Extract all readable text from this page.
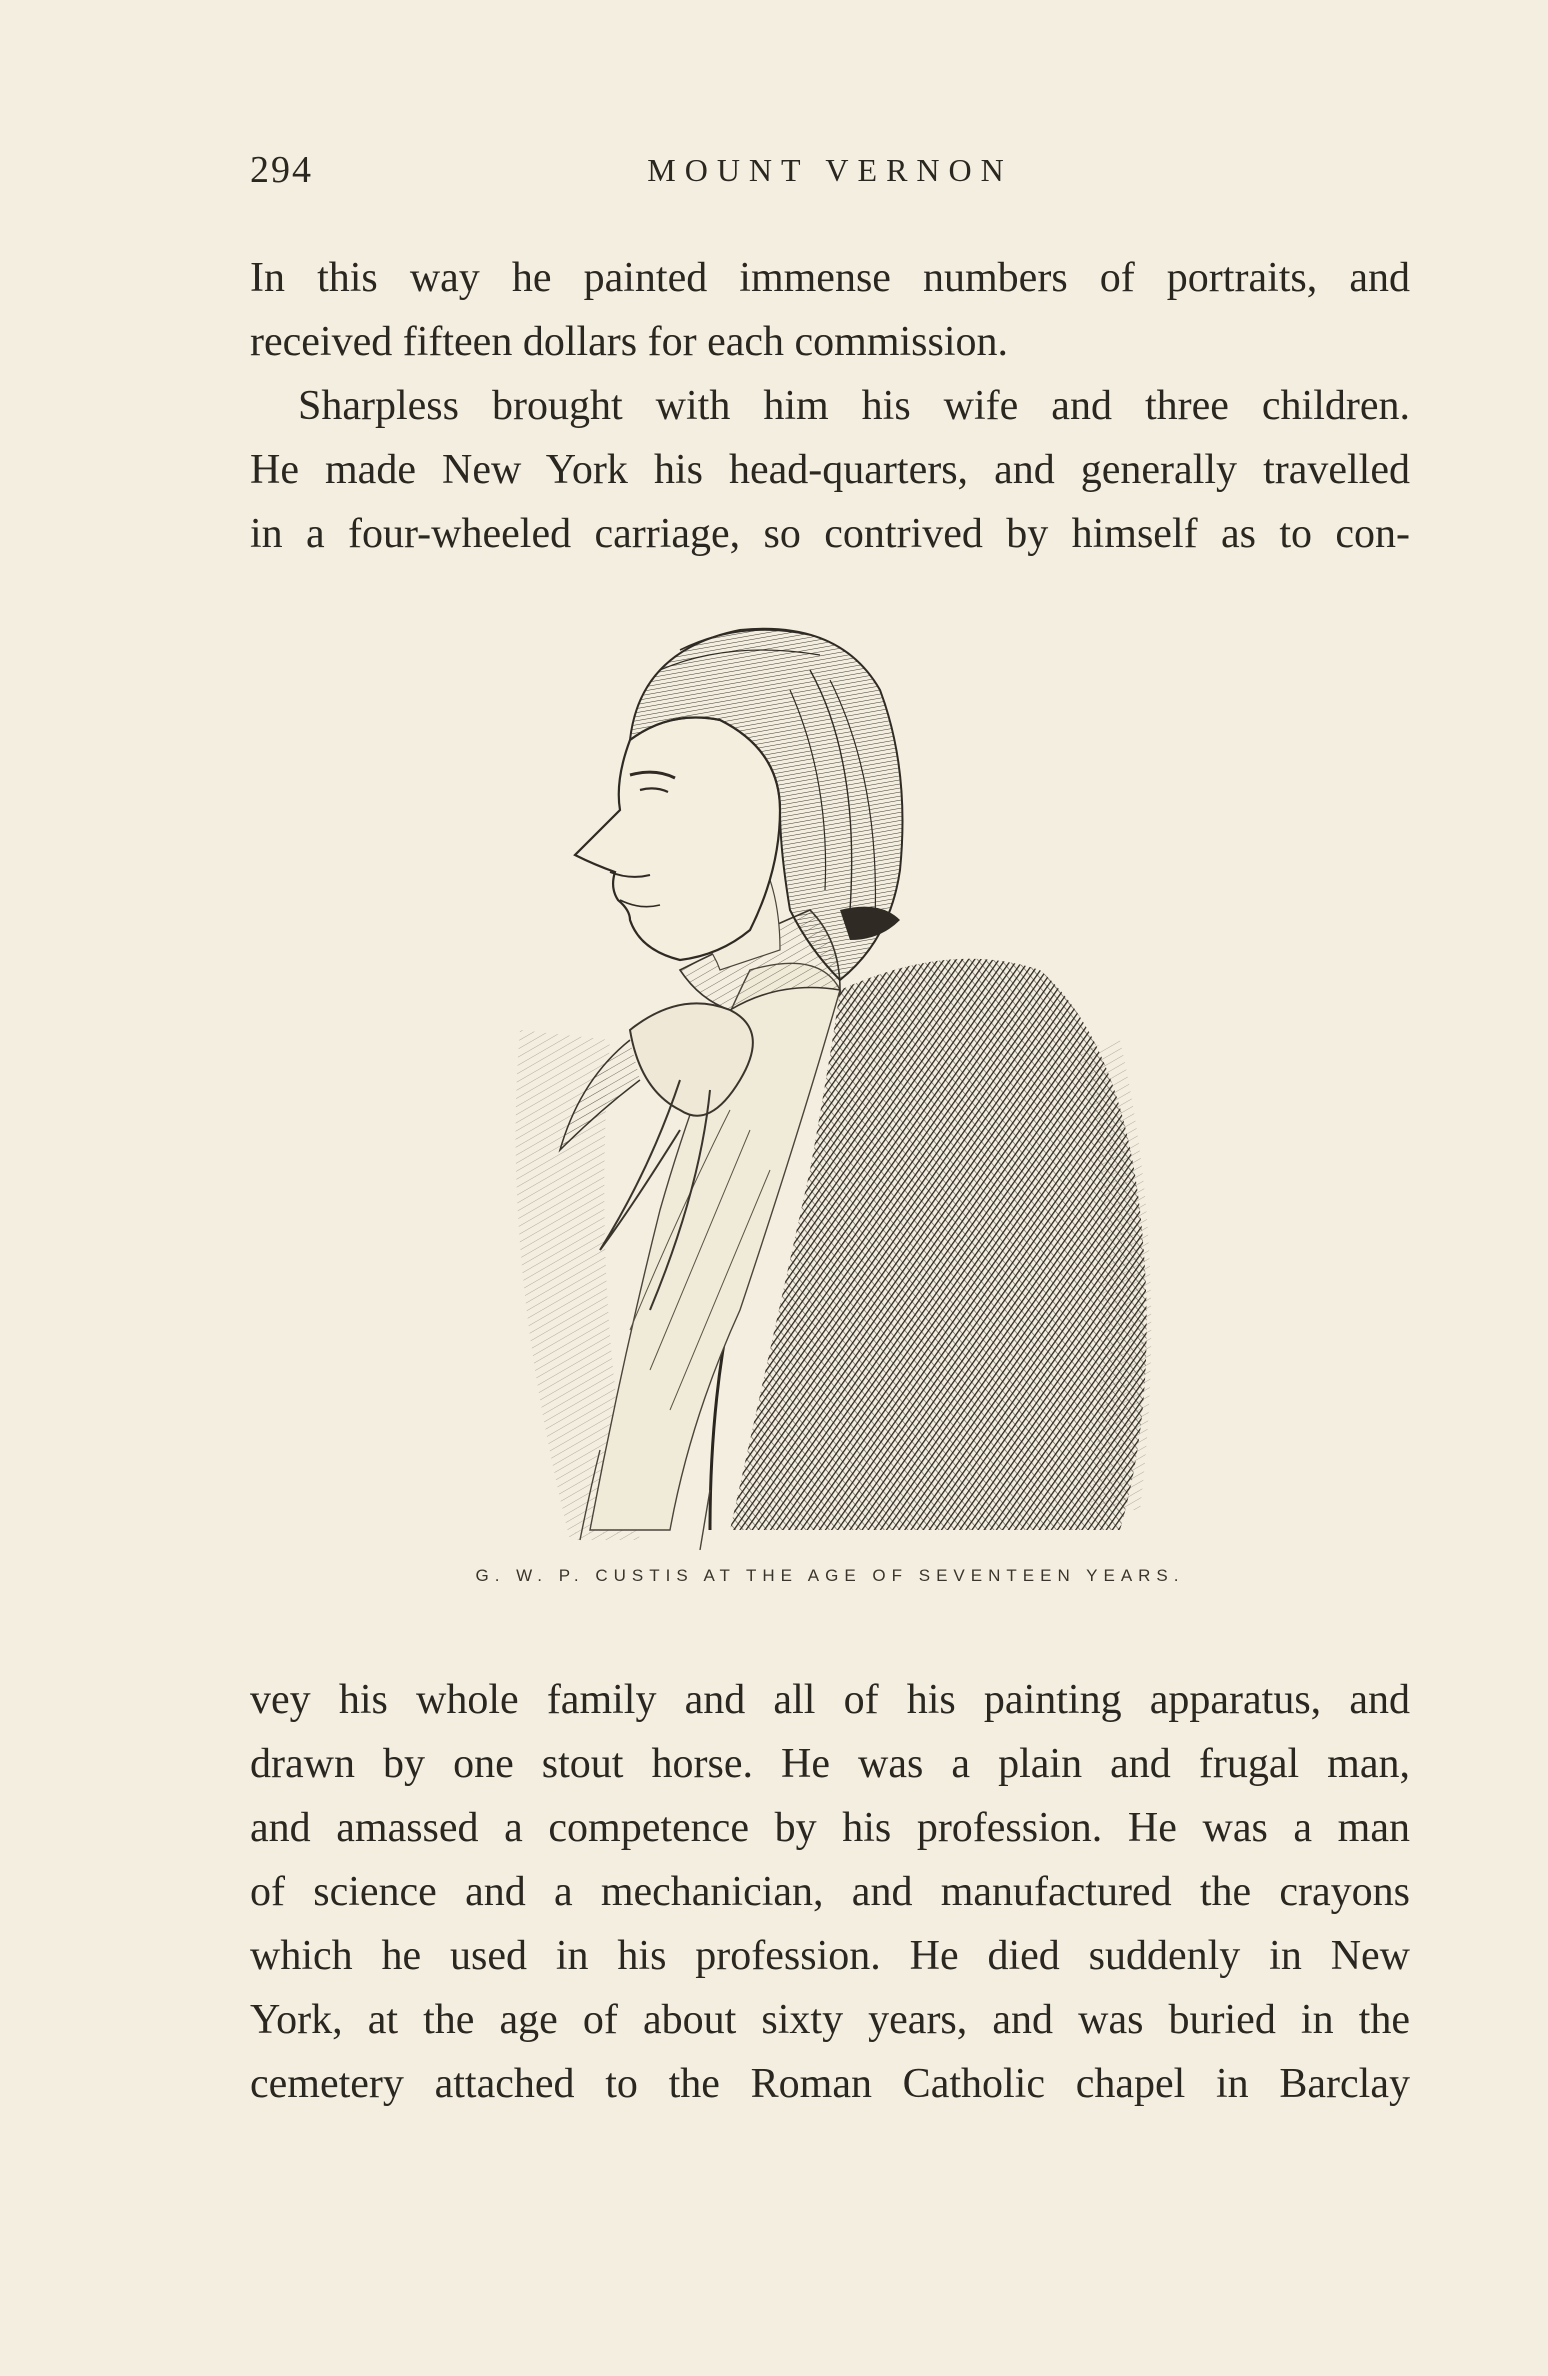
294	MOUNT VERNON
In this way he painted immense numbers of portraits, and
received fifteen dollars for each commission.
Sharpless brought with him his wife and three children.
He made New York his head-quarters, and generally travelled
in a four-wheeled carriage, so contrived by himself as to con-
G. W. P. CUSTIS AT THE AGE OF SEVENTEEN YEARS.
vey his whole family and all of his painting apparatus, and
drawn by one stout horse. He was a plain and frugal man,
and amassed a competence by his profession. He was a man
of science and a mechanician, and manufactured the crayons
which he used in his profession. He died suddenly in New
York, at the age of about sixty years, and was buried in the
cemetery attached to the Roman Catholic chapel in Barclay
